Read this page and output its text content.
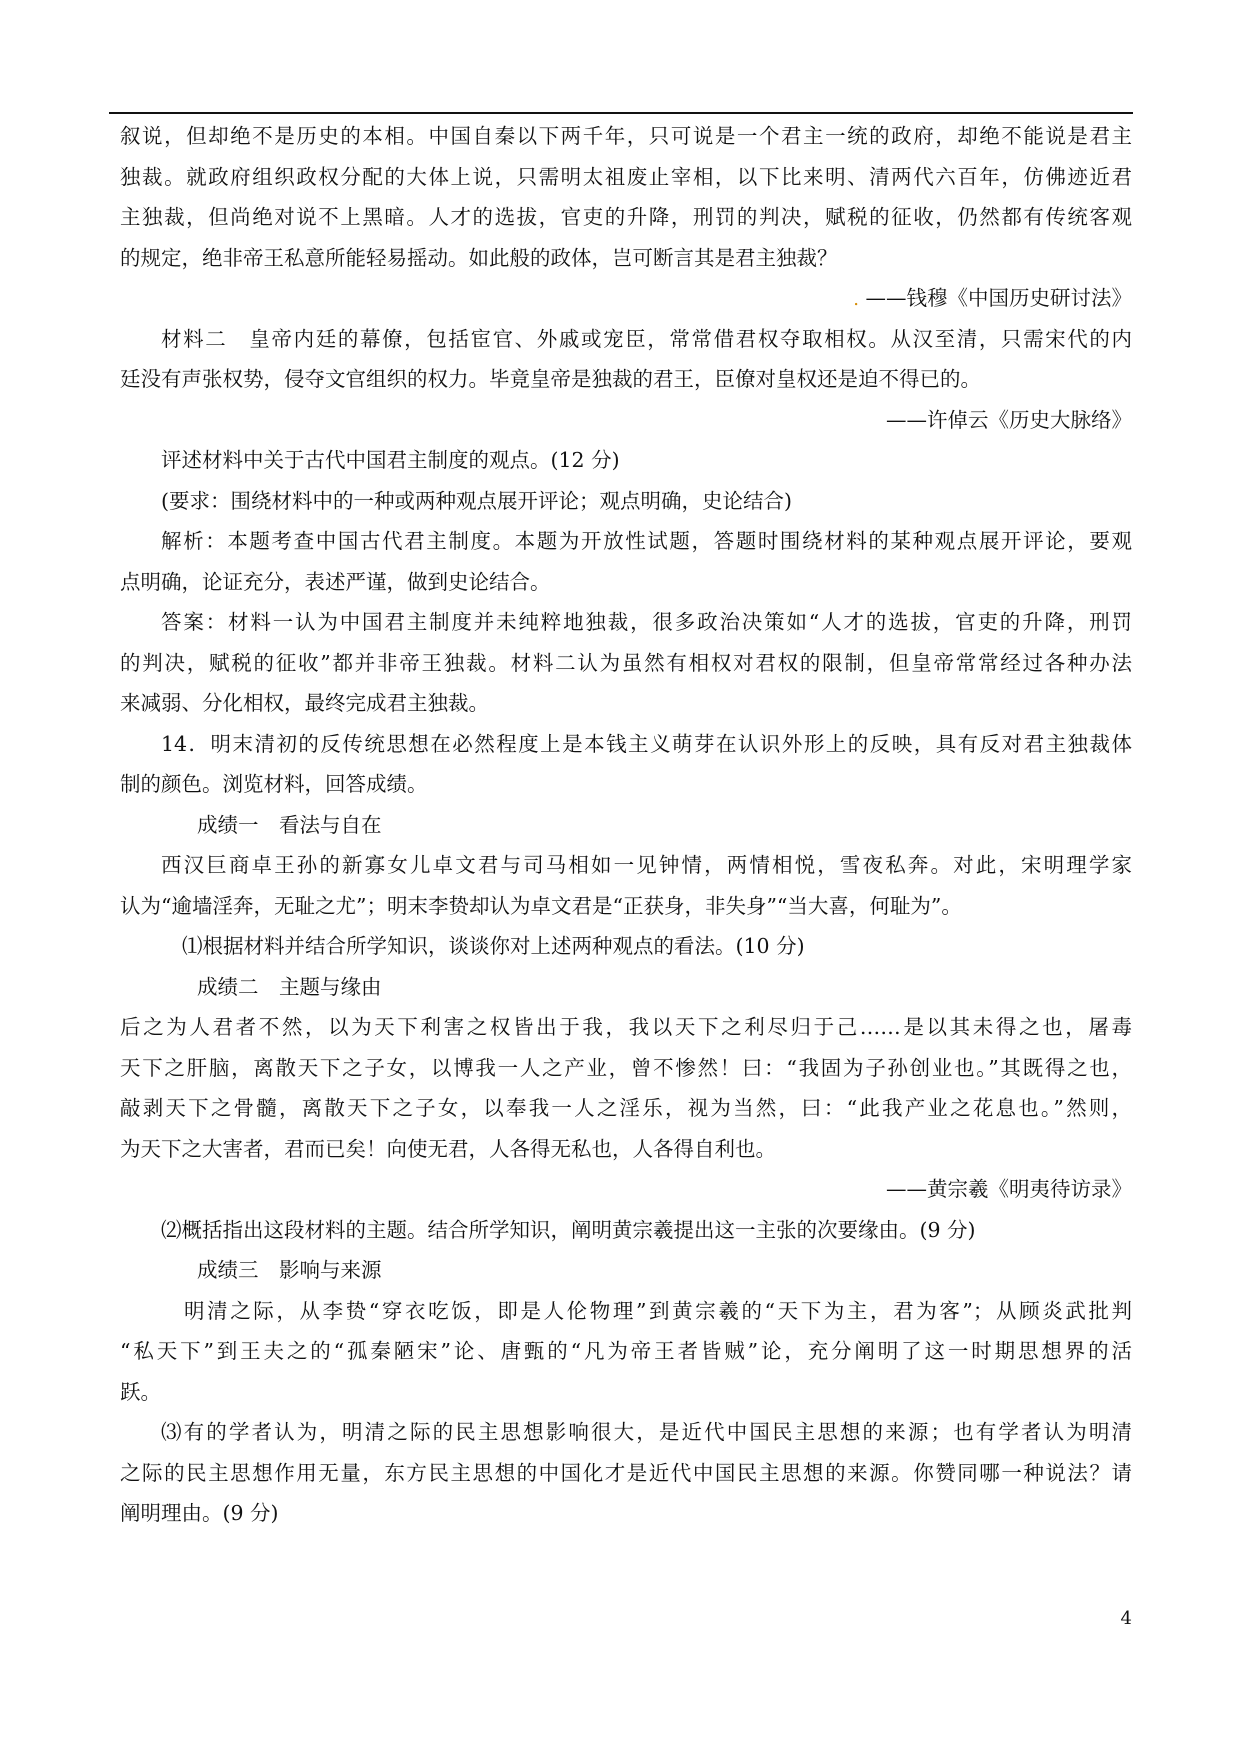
叙说，但却绝不是历史的本相。中国自秦以下两千年，只可说是一个君主一统的政府，却绝不能说是君主
独裁。就政府组织政权分配的大体上说，只需明太祖废止宰相，以下比来明、清两代六百年，仿佛迹近君
主独裁，但尚绝对说不上黑暗。人才的选拔，官吏的升降，刑罚的判决，赋税的征收，仍然都有传统客观
的规定，绝非帝王私意所能轻易摇动。如此般的政体，岂可断言其是君主独裁？
. ——钱穆《中国历史研讨法》
材料二　皇帝内廷的幕僚，包括宦官、外戚或宠臣，常常借君权夺取相权。从汉至清，只需宋代的内
廷没有声张权势，侵夺文官组织的权力。毕竟皇帝是独裁的君王，臣僚对皇权还是迫不得已的。
——许倬云《历史大脉络》
评述材料中关于古代中国君主制度的观点。(12 分)
(要求：围绕材料中的一种或两种观点展开评论；观点明确，史论结合)
解析：本题考查中国古代君主制度。本题为开放性试题，答题时围绕材料的某种观点展开评论，要观
点明确，论证充分，表述严谨，做到史论结合。
答案：材料一认为中国君主制度并未纯粹地独裁，很多政治决策如“人才的选拔，官吏的升降，刑罚
的判决，赋税的征收”都并非帝王独裁。材料二认为虽然有相权对君权的限制，但皇帝常常经过各种办法
来减弱、分化相权，最终完成君主独裁。
14．明末清初的反传统思想在必然程度上是本钱主义萌芽在认识外形上的反映，具有反对君主独裁体
制的颜色。浏览材料，回答成绩。
成绩一　看法与自在
西汉巨商卓王孙的新寡女儿卓文君与司马相如一见钟情，两情相悦，雪夜私奔。对此，宋明理学家
认为“逾墙淫奔，无耻之尤”；明末李贽却认为卓文君是“正获身，非失身”“当大喜，何耻为”。
⑴根据材料并结合所学知识，谈谈你对上述两种观点的看法。(10 分)
成绩二　主题与缘由
后之为人君者不然，以为天下利害之权皆出于我，我以天下之利尽归于己……是以其未得之也，屠毒
天下之肝脑，离散天下之子女，以博我一人之产业，曾不惨然！曰：“我固为子孙创业也。”其既得之也，
敲剥天下之骨髓，离散天下之子女，以奉我一人之淫乐，视为当然，曰：“此我产业之花息也。”然则，
为天下之大害者，君而已矣！向使无君，人各得无私也，人各得自利也。
——黄宗羲《明夷待访录》
⑵概括指出这段材料的主题。结合所学知识，阐明黄宗羲提出这一主张的次要缘由。(9 分)
成绩三　影响与来源
明清之际，从李贽“穿衣吃饭，即是人伦物理”到黄宗羲的“天下为主，君为客”；从顾炎武批判
“私天下”到王夫之的“孤秦陋宋”论、唐甄的“凡为帝王者皆贼”论，充分阐明了这一时期思想界的活
跃。
⑶有的学者认为，明清之际的民主思想影响很大，是近代中国民主思想的来源；也有学者认为明清
之际的民主思想作用无量，东方民主思想的中国化才是近代中国民主思想的来源。你赞同哪一种说法？请
阐明理由。(9 分)
4
